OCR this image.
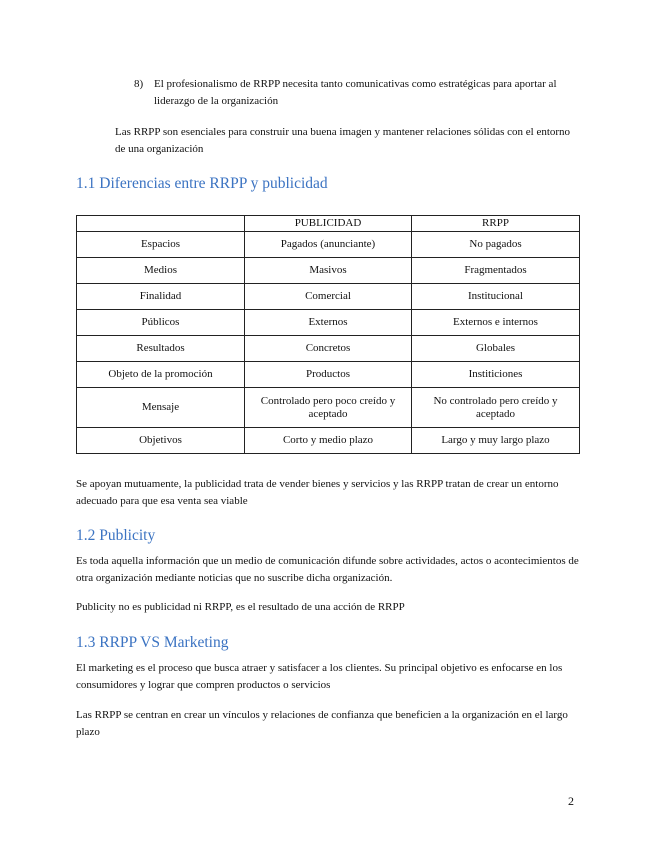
8) El profesionalismo de RRPP necesita tanto comunicativas como estratégicas para aportar al liderazgo de la organización
Las RRPP son esenciales para construir una buena imagen y mantener relaciones sólidas con el entorno de una organización
1.1 Diferencias entre RRPP y publicidad
	PUBLICIDAD	RRPP
Espacios	Pagados (anunciante)	No pagados
Medios	Masivos	Fragmentados
Finalidad	Comercial	Institucional
Públicos	Externos	Externos e internos
Resultados	Concretos	Globales
Objeto de la promoción	Productos	Institiciones
Mensaje	Controlado pero poco creído y aceptado	No controlado pero creído y aceptado
Objetivos	Corto y medio plazo	Largo y muy largo plazo
Se apoyan mutuamente, la publicidad trata de vender bienes y servicios y las RRPP tratan de crear un entorno adecuado para que esa venta sea viable
1.2 Publicity
Es toda aquella información que un medio de comunicación difunde sobre actividades, actos o acontecimientos de otra organización mediante noticias que no suscribe dicha organización.
Publicity no es publicidad ni RRPP, es el resultado de una acción de RRPP
1.3 RRPP VS Marketing
El marketing es el proceso que busca atraer y satisfacer a los clientes. Su principal objetivo es enfocarse en los consumidores y lograr que compren productos o servicios
Las RRPP se centran en crear un vínculos y relaciones de confianza que beneficien a la organización en el largo plazo
2
